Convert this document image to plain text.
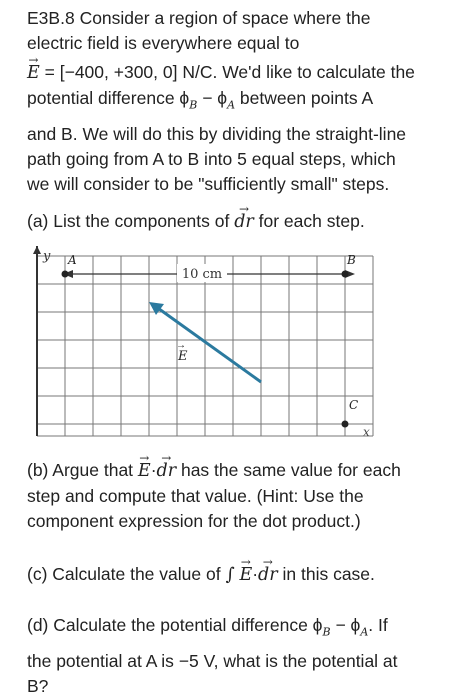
E3B.8 Consider a region of space where the
electric field is everywhere equal to
→ E = [−400, +300, 0] N/C. We'd like to calculate the
potential difference $\phi_B - \phi_A$ between points A
and B. We will do this by dividing the straight-line
path going from A to B into 5 equal steps, which
we will consider to be "sufficiently small" steps.
(a) List the components of → dr for each step.
y
10 cm
A	B
C
E
→
x
(b) Argue that → E·→ dr has the same value for each
step and compute that value. (Hint: Use the
component expression for the dot product.)
(c) Calculate the value of ∫ → E·→ dr in this case.
(d) Calculate the potential difference $\phi_B - \phi_A$. If
the potential at A is −5 V, what is the potential at
B?
